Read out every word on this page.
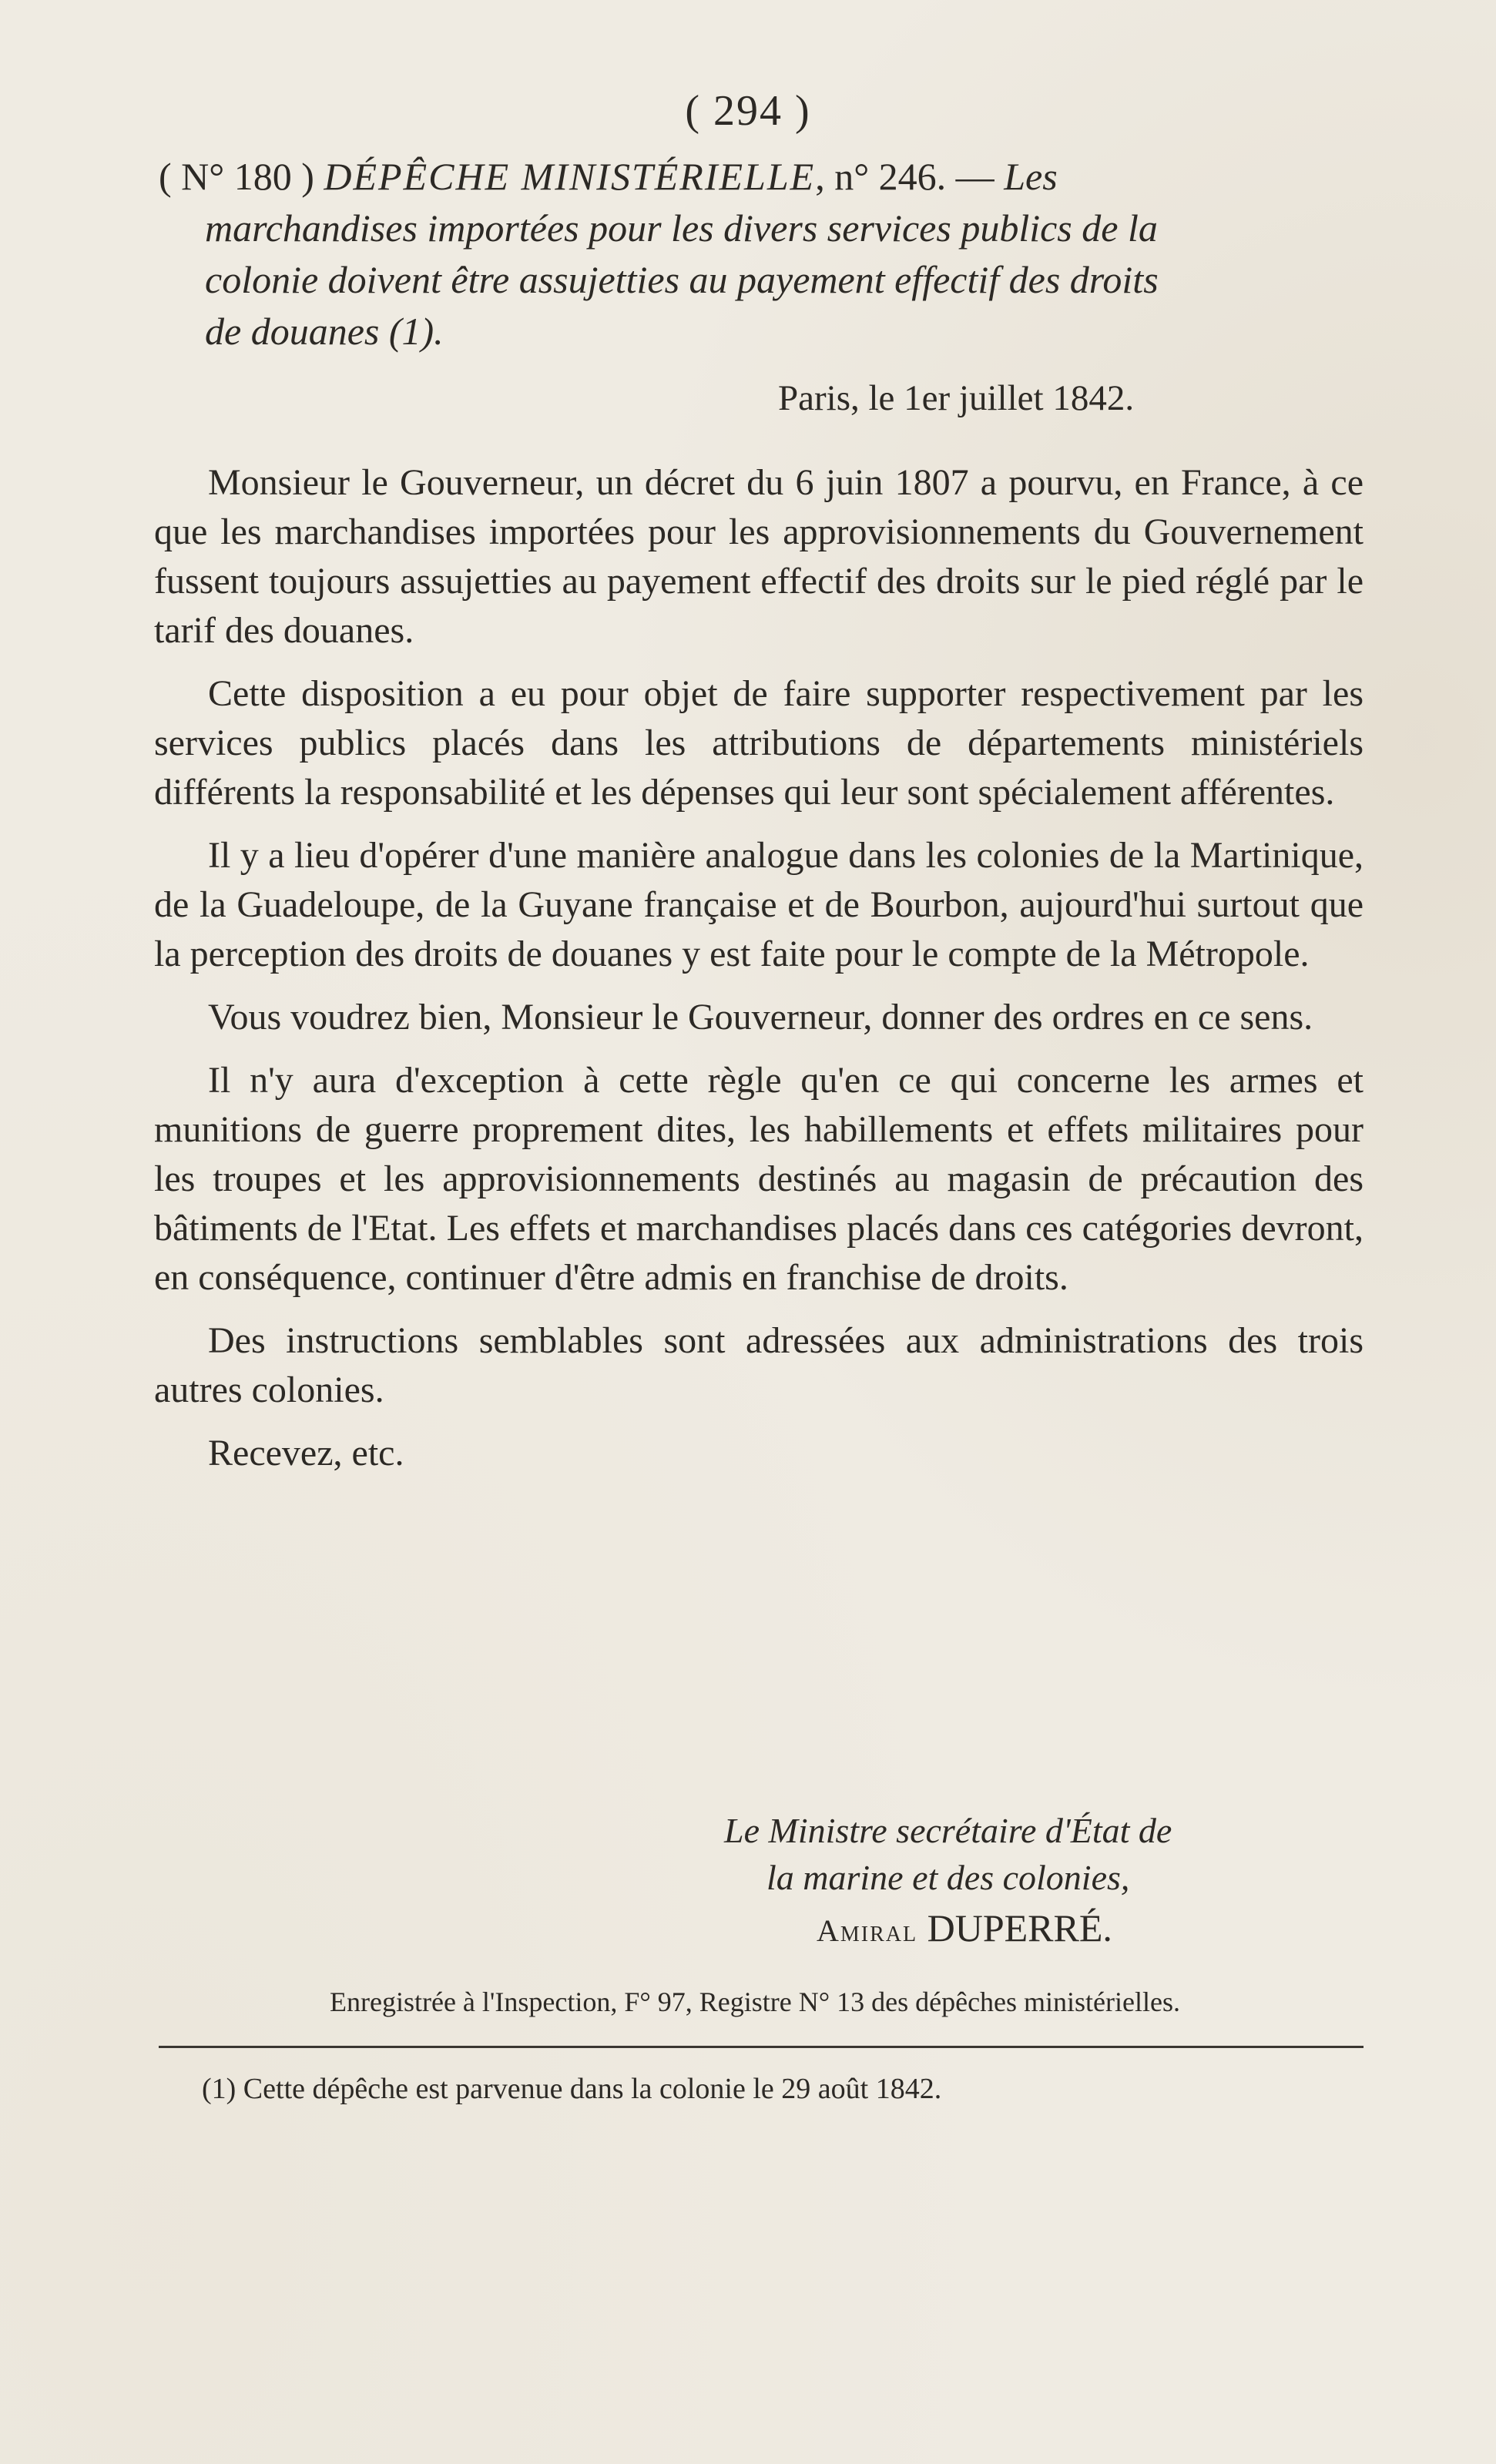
( 294 )
( N° 180 ) DÉPÊCHE MINISTÉRIELLE, n° 246. — Les
marchandises importées pour les divers services publics de la
colonie doivent être assujetties au payement effectif des droits
de douanes (1).
Paris, le 1er juillet 1842.

Monsieur le Gouverneur, un décret du 6 juin 1807 a pourvu, en France, à ce que les marchandises importées pour les approvisionnements du Gouvernement fussent toujours assujetties au payement effectif des droits sur le pied réglé par le tarif des douanes.

Cette disposition a eu pour objet de faire supporter respectivement par les services publics placés dans les attributions de départements ministériels différents la responsabilité et les dépenses qui leur sont spécialement afférentes.

Il y a lieu d'opérer d'une manière analogue dans les colonies de la Martinique, de la Guadeloupe, de la Guyane française et de Bourbon, aujourd'hui surtout que la perception des droits de douanes y est faite pour le compte de la Métropole.

Vous voudrez bien, Monsieur le Gouverneur, donner des ordres en ce sens.

Il n'y aura d'exception à cette règle qu'en ce qui concerne les armes et munitions de guerre proprement dites, les habillements et effets militaires pour les troupes et les approvisionnements destinés au magasin de précaution des bâtiments de l'Etat. Les effets et marchandises placés dans ces catégories devront, en conséquence, continuer d'être admis en franchise de droits.

Des instructions semblables sont adressées aux administrations des trois autres colonies.

Recevez, etc.

Le Ministre secrétaire d'État de
la marine et des colonies,
Amiral DUPERRÉ.
Enregistrée à l'Inspection, F° 97, Registre N° 13 des dépêches ministérielles.
(1) Cette dépêche est parvenue dans la colonie le 29 août 1842.
